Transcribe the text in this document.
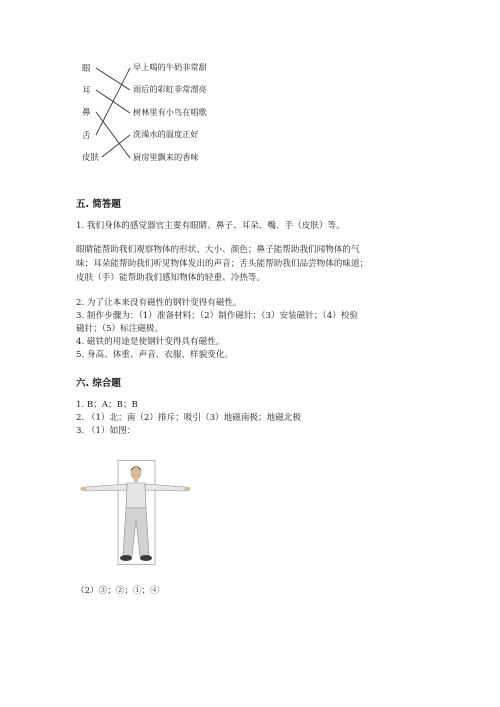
眼
耳
鼻
舌
皮肤
早上喝的牛奶非常甜
雨后的彩虹非常漂亮
树林里有小鸟在唱歌
洗澡水的温度正好
厨房里飘来的香味
五. 简答题
1. 我们身体的感觉器官主要有眼睛、鼻子、耳朵、嘴、手（皮肤）等。
眼睛能帮助我们观察物体的形状、大小、颜色；鼻子能帮助我们闻物体的气
味；耳朵能帮助我们听见物体发出的声音；舌头能帮助我们品尝物体的味道；
皮肤（手）能帮助我们感知物体的轻重、冷热等。
2. 为了让本来没有磁性的钢针变得有磁性。
3. 制作步骤为：（1）准备材料；（2）制作磁针；（3）安装磁针；（4）校验
磁针；（5）标注磁极。
4. 磁铁的用途是使钢针变得具有磁性。
5. 身高、体重、声音、衣服、样貌变化。
六. 综合题
1. B；A；B；B
2. （1）北；南（2）排斥；吸引（3）地磁南极；地磁北极
3. （1）如图：
（2）③；②；①；④
